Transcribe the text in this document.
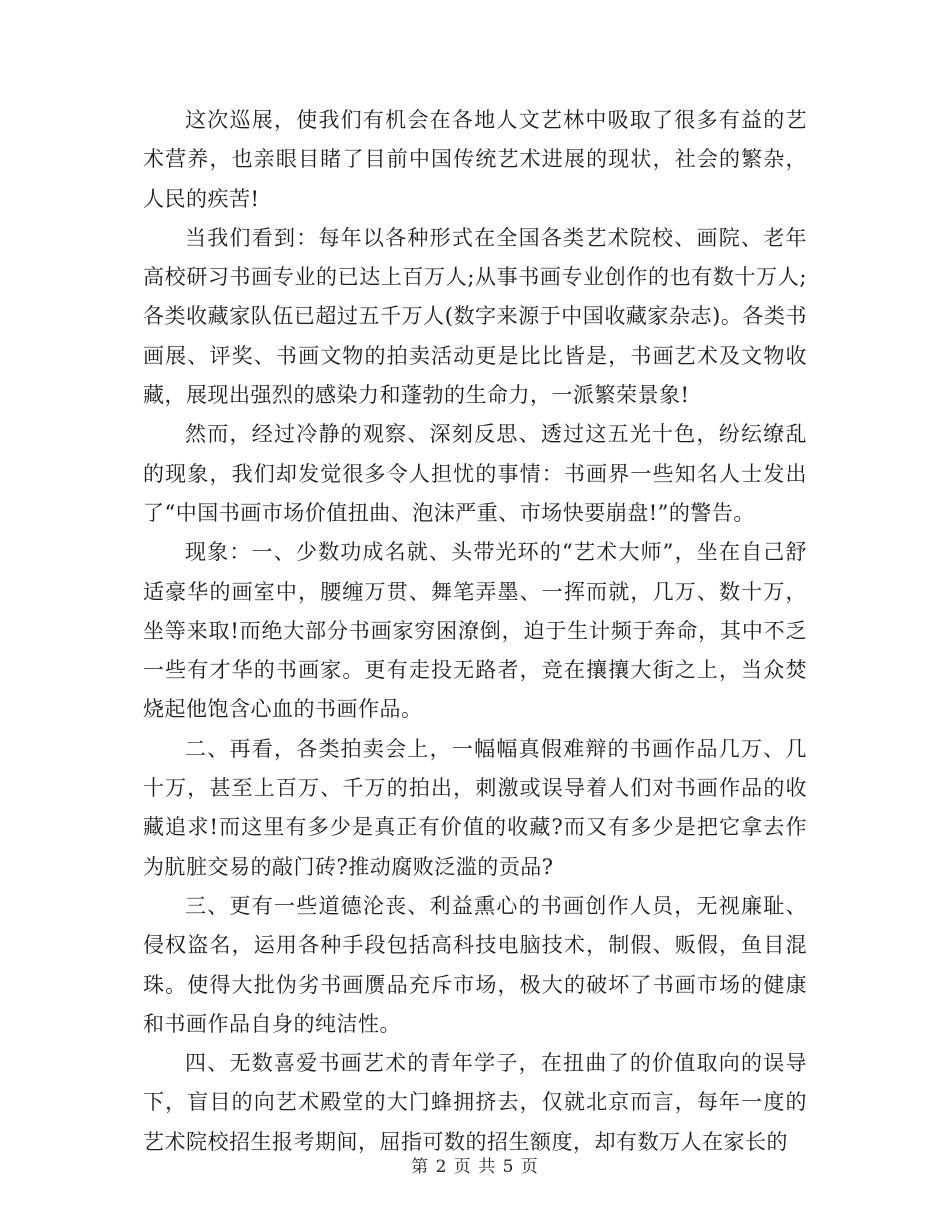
这次巡展，使我们有机会在各地人文艺林中吸取了很多有益的艺术营养，也亲眼目睹了目前中国传统艺术进展的现状，社会的繁杂，人民的疾苦!

当我们看到：每年以各种形式在全国各类艺术院校、画院、老年高校研习书画专业的已达上百万人;从事书画专业创作的也有数十万人;各类收藏家队伍已超过五千万人(数字来源于中国收藏家杂志)。各类书画展、评奖、书画文物的拍卖活动更是比比皆是，书画艺术及文物收藏，展现出强烈的感染力和蓬勃的生命力，一派繁荣景象!

然而，经过冷静的观察、深刻反思、透过这五光十色，纷纭缭乱的现象，我们却发觉很多令人担忧的事情：书画界一些知名人士发出了“中国书画市场价值扭曲、泡沫严重、市场快要崩盘!”的警告。

现象：一、少数功成名就、头带光环的“艺术大师”，坐在自己舒适豪华的画室中，腰缠万贯、舞笔弄墨、一挥而就，几万、数十万，坐等来取!而绝大部分书画家穷困潦倒，迫于生计频于奔命，其中不乏一些有才华的书画家。更有走投无路者，竞在攘攘大街之上，当众焚烧起他饱含心血的书画作品。

二、再看，各类拍卖会上，一幅幅真假难辩的书画作品几万、几十万，甚至上百万、千万的拍出，刺激或误导着人们对书画作品的收藏追求!而这里有多少是真正有价值的收藏?而又有多少是把它拿去作为肮脏交易的敲门砖?推动腐败泛滥的贡品?

三、更有一些道德沦丧、利益熏心的书画创作人员，无视廉耻、侵权盗名，运用各种手段包括高科技电脑技术，制假、贩假，鱼目混珠。使得大批伪劣书画赝品充斥市场，极大的破坏了书画市场的健康和书画作品自身的纯洁性。

四、无数喜爱书画艺术的青年学子，在扭曲了的价值取向的误导下，盲目的向艺术殿堂的大门蜂拥挤去，仅就北京而言，每年一度的艺术院校招生报考期间，屈指可数的招生额度，却有数万人在家长的

第 2 页 共 5 页
